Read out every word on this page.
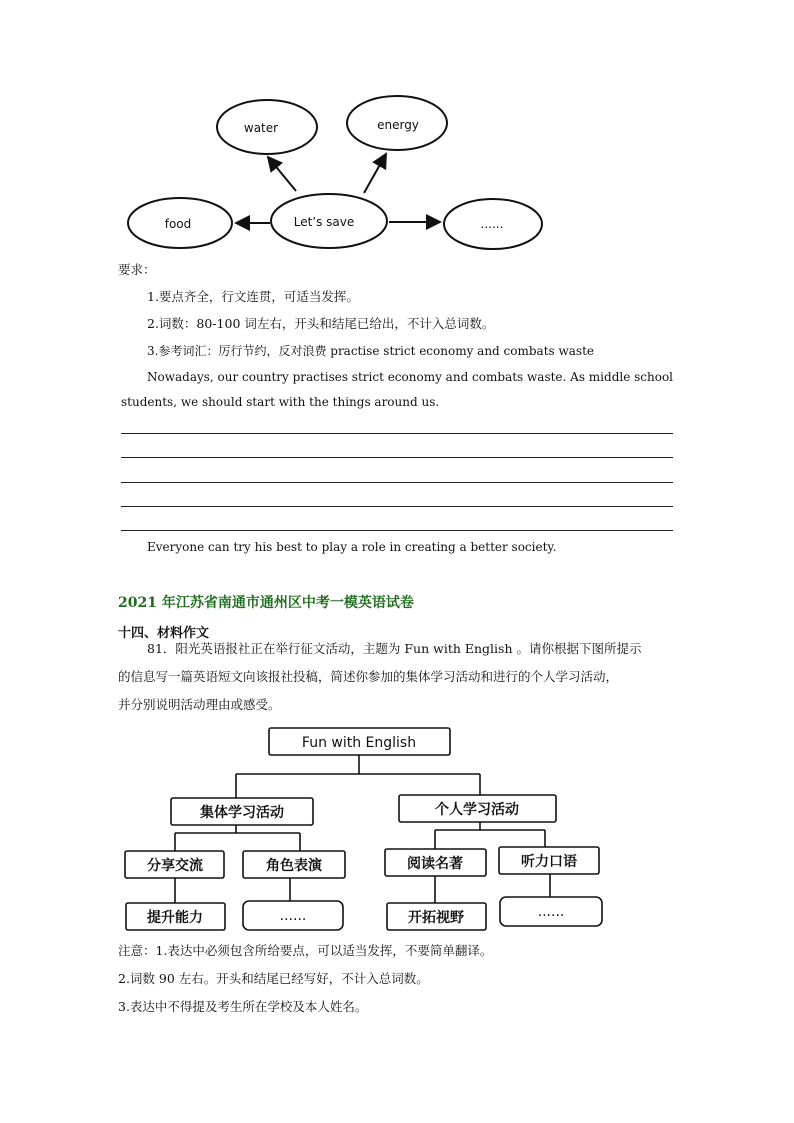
water	energy
food	Let’s save	......
要求：
1.要点齐全，行文连贯，可适当发挥。
2.词数：80-100 词左右，开头和结尾已给出，不计入总词数。
3.参考词汇：厉行节约，反对浪费 practise strict economy and combats waste
Nowadays, our country practises strict economy and combats waste. As middle school
students, we should start with the things around us.
Everyone can try his best to play a role in creating a better society.
2021 年江苏省南通市通州区中考一模英语试卷
十四、材料作文
81．阳光英语报社正在举行征文活动，主题为 Fun with English 。请你根据下图所提示
的信息写一篇英语短文向该报社投稿，简述你参加的集体学习活动和进行的个人学习活动，
并分别说明活动理由或感受。
Fun with English
集体学习活动	个人学习活动
分享交流	角色表演	阅读名著	听力口语
提升能力	......	开拓视野	......
注意：1.表达中必须包含所给要点，可以适当发挥，不要简单翻译。
2.词数 90 左右。开头和结尾已经写好，不计入总词数。
3.表达中不得提及考生所在学校及本人姓名。
